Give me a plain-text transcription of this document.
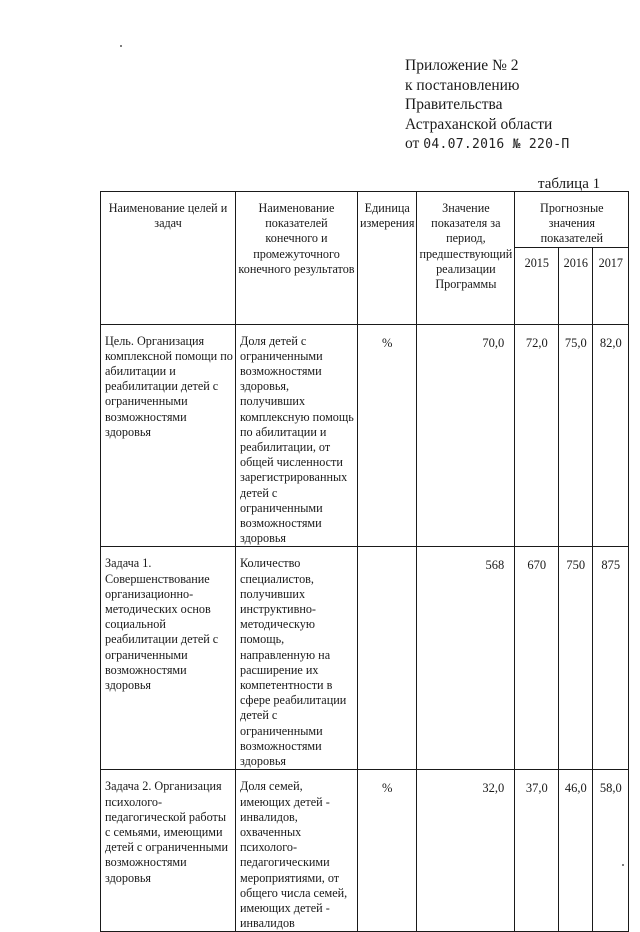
Приложение № 2
к постановлению
Правительства
Астраханской области
от 04.07.2016 № 220-П
таблица 1
Наименование целей и задач	Наименование показателей конечного и промежуточного конечного результатов	Единица измерения	Значение показателя за период, предшествующий реализации Программы	Прогнозные значения показателей		
				2015	2016	2017
Цель. Организация комплексной помощи по абилитации и реабилитации детей с ограниченными возможностями здоровья	Доля детей с ограниченными возможностями здоровья, получивших комплексную помощь по абилитации и реабилитации, от общей численности зарегистрированных детей с ограниченными возможностями здоровья	%	70,0	72,0	75,0	82,0
Задача 1. Совершенствование организационно-методических основ социальной реабилитации детей с ограниченными возможностями здоровья	Количество специалистов, получивших инструктивно-методическую помощь, направленную на расширение их компетентности в сфере реабилитации детей с ограниченными возможностями здоровья		568	670	750	875
Задача 2. Организация психолого-педагогической работы с семьями, имеющими детей с ограниченными возможностями здоровья	Доля семей, имеющих детей - инвалидов, охваченных психолого-педагогическими мероприятиями, от общего числа семей, имеющих детей - инвалидов	%	32,0	37,0	46,0	58,0
